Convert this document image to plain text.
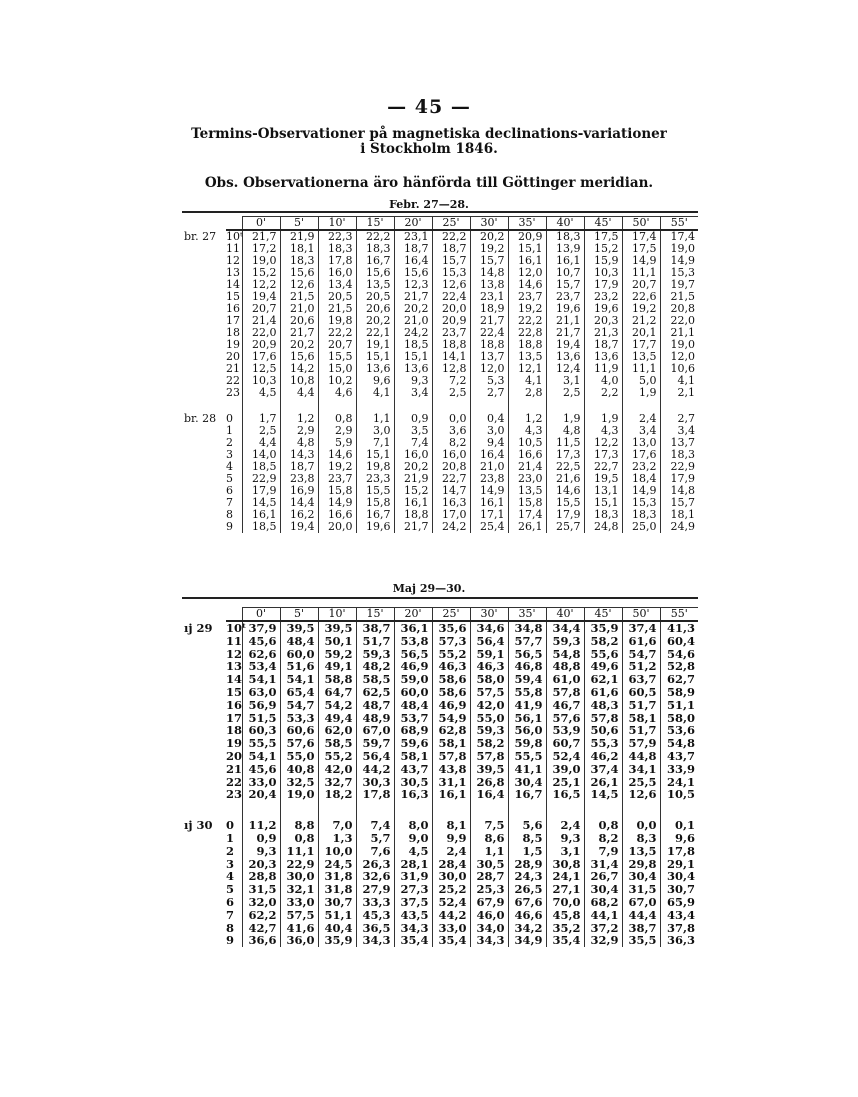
— 45 —
Termins-Observationer på magnetiska declinations-variationer
i Stockholm 1846.
Obs. Observationerna äro hänförda till Göttinger meridian.
Febr. 27—28.
		0'	5'	10'	15'	20'	25'	30'	35'	40'	45'	50'	55'
br. 27	10ᵗ	21,7	21,9	22,3	22,2	23,1	22,2	20,2	20,9	18,3	17,5	17,4	17,4
	11	17,2	18,1	18,3	18,3	18,7	18,7	19,2	15,1	13,9	15,2	17,5	19,0
	12	19,0	18,3	17,8	16,7	16,4	15,7	15,7	16,1	16,1	15,9	14,9	14,9
	13	15,2	15,6	16,0	15,6	15,6	15,3	14,8	12,0	10,7	10,3	11,1	15,3
	14	12,2	12,6	13,4	13,5	12,3	12,6	13,8	14,6	15,7	17,9	20,7	19,7
	15	19,4	21,5	20,5	20,5	21,7	22,4	23,1	23,7	23,7	23,2	22,6	21,5
	16	20,7	21,0	21,5	20,6	20,2	20,0	18,9	19,2	19,6	19,6	19,2	20,8
	17	21,4	20,6	19,8	20,2	21,0	20,9	21,7	22,2	21,1	20,3	21,2	22,0
	18	22,0	21,7	22,2	22,1	24,2	23,7	22,4	22,8	21,7	21,3	20,1	21,1
	19	20,9	20,2	20,7	19,1	18,5	18,8	18,8	18,8	19,4	18,7	17,7	19,0
	20	17,6	15,6	15,5	15,1	15,1	14,1	13,7	13,5	13,6	13,6	13,5	12,0
	21	12,5	14,2	15,0	13,6	13,6	12,8	12,0	12,1	12,4	11,9	11,1	10,6
	22	10,3	10,8	10,2	9,6	9,3	7,2	5,3	4,1	3,1	4,0	5,0	4,1
	23	4,5	4,4	4,6	4,1	3,4	2,5	2,7	2,8	2,5	2,2	1,9	2,1

br. 28	0	1,7	1,2	0,8	1,1	0,9	0,0	0,4	1,2	1,9	1,9	2,4	2,7
	1	2,5	2,9	2,9	3,0	3,5	3,6	3,0	4,3	4,8	4,3	3,4	3,4
	2	4,4	4,8	5,9	7,1	7,4	8,2	9,4	10,5	11,5	12,2	13,0	13,7
	3	14,0	14,3	14,6	15,1	16,0	16,0	16,4	16,6	17,3	17,3	17,6	18,3
	4	18,5	18,7	19,2	19,8	20,2	20,8	21,0	21,4	22,5	22,7	23,2	22,9
	5	22,9	23,8	23,7	23,3	21,9	22,7	23,8	23,0	21,6	19,5	18,4	17,9
	6	17,9	16,9	15,8	15,5	15,2	14,7	14,9	13,5	14,6	13,1	14,9	14,8
	7	14,5	14,4	14,9	15,8	16,1	16,3	16,1	15,8	15,5	15,1	15,3	15,7
	8	16,1	16,2	16,6	16,7	18,8	17,0	17,1	17,4	17,9	18,3	18,3	18,1
	9	18,5	19,4	20,0	19,6	21,7	24,2	25,4	26,1	25,7	24,8	25,0	24,9
Maj 29—30.
		0'	5'	10'	15'	20'	25'	30'	35'	40'	45'	50'	55'
ıj 29	10ᵗ	37,9	39,5	39,5	38,7	36,1	35,6	34,6	34,8	34,4	35,9	37,4	41,3
	11	45,6	48,4	50,1	51,7	53,8	57,3	56,4	57,7	59,3	58,2	61,6	60,4
	12	62,6	60,0	59,2	59,3	56,5	55,2	59,1	56,5	54,8	55,6	54,7	54,6
	13	53,4	51,6	49,1	48,2	46,9	46,3	46,3	46,8	48,8	49,6	51,2	52,8
	14	54,1	54,1	58,8	58,5	59,0	58,6	58,0	59,4	61,0	62,1	63,7	62,7
	15	63,0	65,4	64,7	62,5	60,0	58,6	57,5	55,8	57,8	61,6	60,5	58,9
	16	56,9	54,7	54,2	48,7	48,4	46,9	42,0	41,9	46,7	48,3	51,7	51,1
	17	51,5	53,3	49,4	48,9	53,7	54,9	55,0	56,1	57,6	57,8	58,1	58,0
	18	60,3	60,6	62,0	67,0	68,9	62,8	59,3	56,0	53,9	50,6	51,7	53,6
	19	55,5	57,6	58,5	59,7	59,6	58,1	58,2	59,8	60,7	55,3	57,9	54,8
	20	54,1	55,0	55,2	56,4	58,1	57,8	57,8	55,5	52,4	46,2	44,8	43,7
	21	45,6	40,8	42,0	44,2	43,7	43,8	39,5	41,1	39,0	37,4	34,1	33,9
	22	33,0	32,5	32,7	30,3	30,5	31,1	26,8	30,4	25,1	26,1	25,5	24,1
	23	20,4	19,0	18,2	17,8	16,3	16,1	16,4	16,7	16,5	14,5	12,6	10,5

ıj 30	0	11,2	8,8	7,0	7,4	8,0	8,1	7,5	5,6	2,4	0,8	0,0	0,1
	1	0,9	0,8	1,3	5,7	9,0	9,9	8,6	8,5	9,3	8,2	8,3	9,6
	2	9,3	11,1	10,0	7,6	4,5	2,4	1,1	1,5	3,1	7,9	13,5	17,8
	3	20,3	22,9	24,5	26,3	28,1	28,4	30,5	28,9	30,8	31,4	29,8	29,1
	4	28,8	30,0	31,8	32,6	31,9	30,0	28,7	24,3	24,1	26,7	30,4	30,4
	5	31,5	32,1	31,8	27,9	27,3	25,2	25,3	26,5	27,1	30,4	31,5	30,7
	6	32,0	33,0	30,7	33,3	37,5	52,4	67,9	67,6	70,0	68,2	67,0	65,9
	7	62,2	57,5	51,1	45,3	43,5	44,2	46,0	46,6	45,8	44,1	44,4	43,4
	8	42,7	41,6	40,4	36,5	34,3	33,0	34,0	34,2	35,2	37,2	38,7	37,8
	9	36,6	36,0	35,9	34,3	35,4	35,4	34,3	34,9	35,4	32,9	35,5	36,3
